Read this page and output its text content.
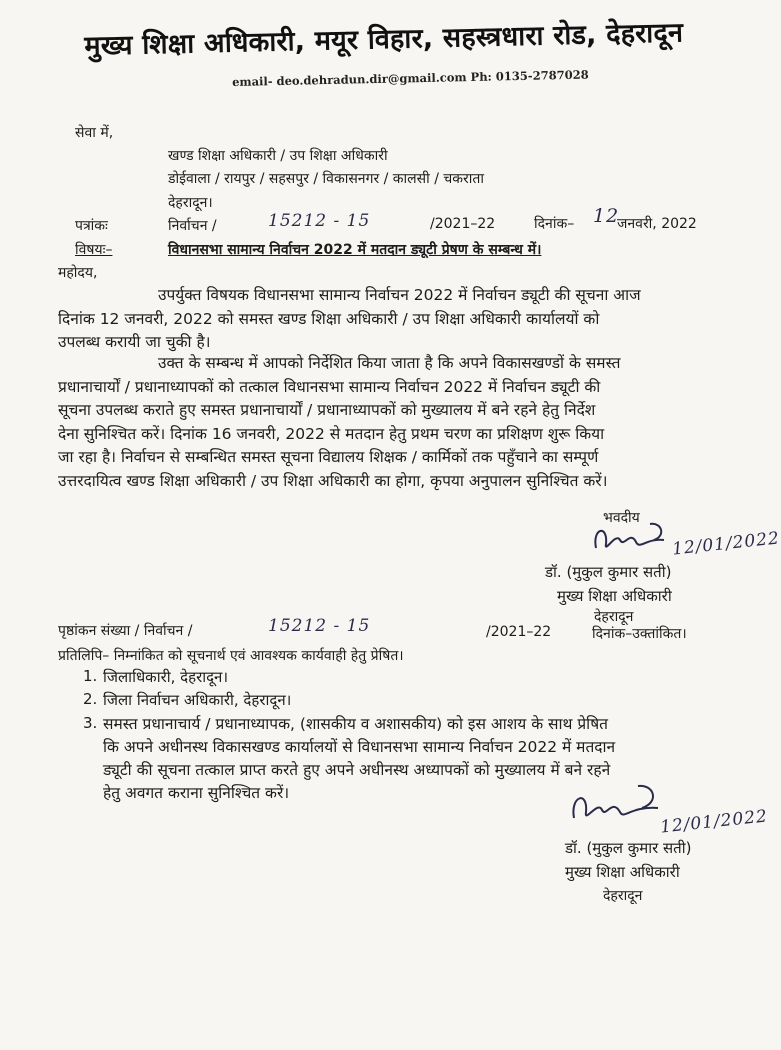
मुख्य शिक्षा अधिकारी, मयूर विहार, सहस्त्रधारा रोड, देहरादून
email- deo.dehradun.dir@gmail.com Ph: 0135-2787028
सेवा में,
खण्ड शिक्षा अधिकारी / उप शिक्षा अधिकारी
डोईवाला / रायपुर / सहसपुर / विकासनगर / कालसी / चकराता
देहरादून।
पत्रांकः	निर्वाचन /	15212 - 15	/2021–22	दिनांक– 12
जनवरी, 2022
विषयः–	विधानसभा सामान्य निर्वाचन 2022 में मतदान ड्यूटी प्रेषण के सम्बन्ध में।
महोदय,
उपर्युक्त विषयक विधानसभा सामान्य निर्वाचन 2022 में निर्वाचन ड्यूटी की सूचना आज
दिनांक 12 जनवरी, 2022 को समस्त खण्ड शिक्षा अधिकारी / उप शिक्षा अधिकारी कार्यालयों को
उपलब्ध करायी जा चुकी है।
उक्त के सम्बन्ध में आपको निर्देशित किया जाता है कि अपने विकासखण्डों के समस्त
प्रधानाचार्यों / प्रधानाध्यापकों को तत्काल विधानसभा सामान्य निर्वाचन 2022 में निर्वाचन ड्यूटी की
सूचना उपलब्ध कराते हुए समस्त प्रधानाचार्यों / प्रधानाध्यापकों को मुख्यालय में बने रहने हेतु निर्देश
देना सुनिश्चित करें। दिनांक 16 जनवरी, 2022 से मतदान हेतु प्रथम चरण का प्रशिक्षण शुरू किया
जा रहा है। निर्वाचन से सम्बन्धित समस्त सूचना विद्यालय शिक्षक / कार्मिकों तक पहुँचाने का सम्पूर्ण
उत्तरदायित्व खण्ड शिक्षा अधिकारी / उप शिक्षा अधिकारी का होगा, कृपया अनुपालन सुनिश्चित करें।
भवदीय
12/01/2022
डॉ. (मुकुल कुमार सती)
मुख्य शिक्षा अधिकारी
देहरादून
पृष्ठांकन संख्या / निर्वाचन /	15212 - 15	/2021–22	दिनांक–उक्तांकित।
प्रतिलिपि– निम्नांकित को सूचनार्थ एवं आवश्यक कार्यवाही हेतु प्रेषित।
1. जिलाधिकारी, देहरादून।
2. जिला निर्वाचन अधिकारी, देहरादून।
3. समस्त प्रधानाचार्य / प्रधानाध्यापक, (शासकीय व अशासकीय) को इस आशय के साथ प्रेषित
कि अपने अधीनस्थ विकासखण्ड कार्यालयों से विधानसभा सामान्य निर्वाचन 2022 में मतदान
ड्यूटी की सूचना तत्काल प्राप्त करते हुए अपने अधीनस्थ अध्यापकों को मुख्यालय में बने रहने
हेतु अवगत कराना सुनिश्चित करें।
12/01/2022
डॉ. (मुकुल कुमार सती)
मुख्य शिक्षा अधिकारी
देहरादून
